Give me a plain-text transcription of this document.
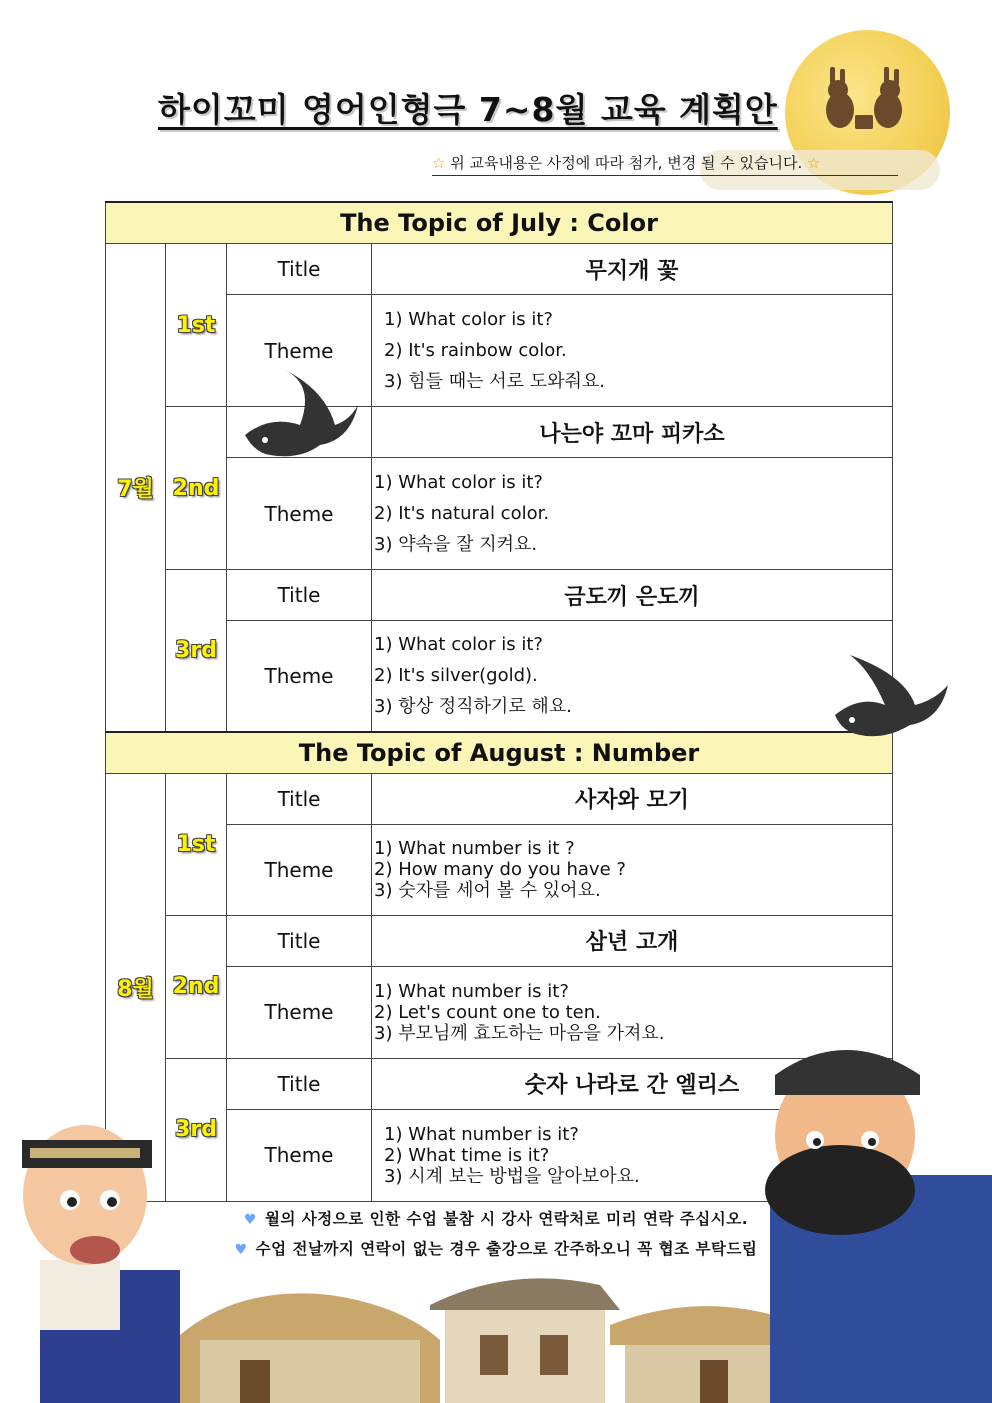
하이꼬미 영어인형극 7~8월 교육 계획안
☆ 위 교육내용은 사정에 따라 첨가, 변경 될 수 있습니다. ☆
The Topic of July : Color			
7월	1st	Title	무지개 꽃
		Theme	1) What color is it?
2) It's rainbow color.
3) 힘들 때는 서로 도와줘요.

	2nd		나는야 꼬마 피카소
		Theme	1) What color is it?
2) It's natural color.
3) 약속을 잘 지켜요.

	3rd	Title	금도끼 은도끼
		Theme	1) What color is it?
2) It's silver(gold).
3) 항상 정직하기로 해요.

The Topic of August : Number			
8월	1st	Title	사자와 모기
		Theme	1) What number is it ?
2) How many do you have ?
3) 숫자를 세어 볼 수 있어요.

	2nd	Title	삼년 고개
		Theme	1) What number is it?
2) Let's count one to ten.
3) 부모님께 효도하는 마음을 가져요.

	3rd	Title	숫자 나라로 간 엘리스
		Theme	1) What number is it?
2) What time is it?
3) 시계 보는 방법을 알아보아요.
♥ 월의 사정으로 인한 수업 불참 시 강사 연락처로 미리 연락 주십시오.
♥ 수업 전날까지 연락이 없는 경우 출강으로 간주하오니 꼭 협조 부탁드립
